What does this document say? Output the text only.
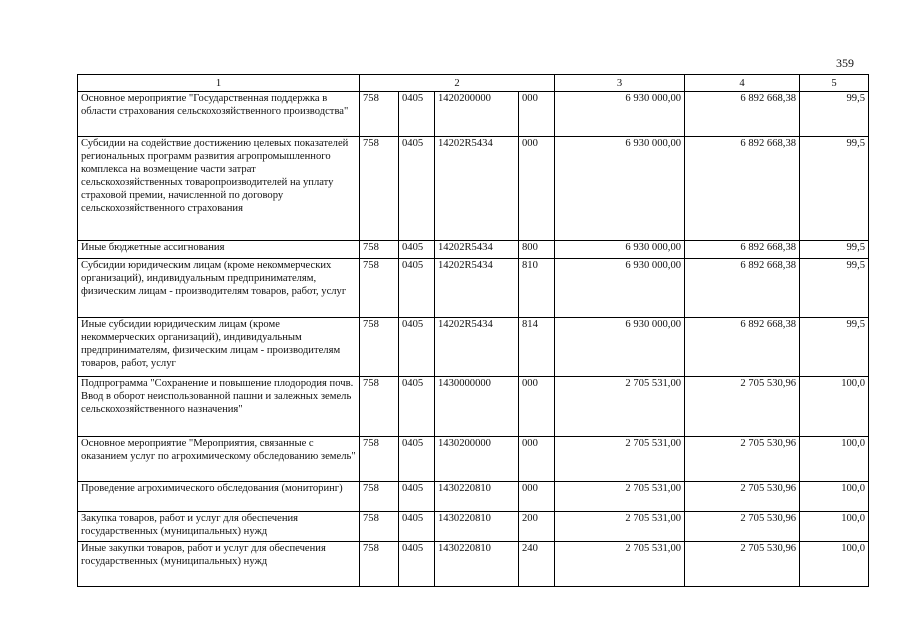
359
1	2				3	4	5
Основное мероприятие "Государственная поддержка в области страхования сельскохозяйственного производства"	758	0405	1420200000	000	6 930 000,00	6 892 668,38	99,5
Субсидии на содействие достижению целевых показателей региональных программ развития агропромышленного комплекса на возмещение части затрат сельскохозяйственных товаропроизводителей на уплату страховой премии, начисленной по договору сельскохозяйственного страхования	758	0405	14202R5434	000	6 930 000,00	6 892 668,38	99,5
Иные бюджетные ассигнования	758	0405	14202R5434	800	6 930 000,00	6 892 668,38	99,5
Субсидии юридическим лицам (кроме некоммерческих организаций), индивидуальным предпринимателям, физическим лицам - производителям товаров, работ, услуг	758	0405	14202R5434	810	6 930 000,00	6 892 668,38	99,5
Иные субсидии юридическим лицам (кроме некоммерческих организаций), индивидуальным предпринимателям, физическим лицам - производителям товаров, работ, услуг	758	0405	14202R5434	814	6 930 000,00	6 892 668,38	99,5
Подпрограмма "Сохранение и повышение плодородия почв. Ввод в оборот неиспользованной пашни и залежных земель сельскохозяйственного назначения"	758	0405	1430000000	000	2 705 531,00	2 705 530,96	100,0
Основное мероприятие "Мероприятия, связанные с оказанием услуг по агрохимическому обследованию земель"	758	0405	1430200000	000	2 705 531,00	2 705 530,96	100,0
Проведение агрохимического обследования (мониторинг)	758	0405	1430220810	000	2 705 531,00	2 705 530,96	100,0
Закупка товаров, работ и услуг для обеспечения государственных (муниципальных) нужд	758	0405	1430220810	200	2 705 531,00	2 705 530,96	100,0
Иные закупки товаров, работ и услуг для обеспечения государственных (муниципальных) нужд	758	0405	1430220810	240	2 705 531,00	2 705 530,96	100,0
